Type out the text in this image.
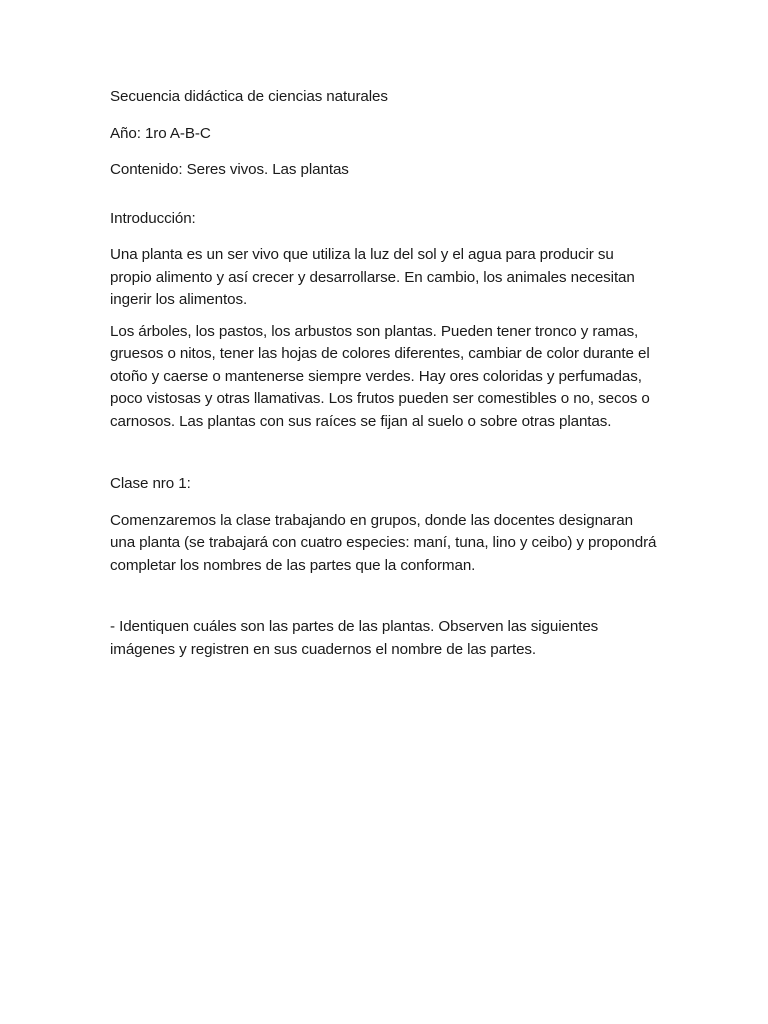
Secuencia didáctica de ciencias naturales

Año: 1ro A-B-C

Contenido: Seres vivos. Las plantas

Introducción:

Una planta es un ser vivo que utiliza la luz del sol y el agua para producir su propio alimento y así crecer y desarrollarse. En cambio, los animales necesitan ingerir los alimentos.

Los árboles, los pastos, los arbustos son plantas. Pueden tener tronco y ramas, gruesos o nitos, tener las hojas de colores diferentes, cambiar de color durante el otoño y caerse o mantenerse siempre verdes. Hay ores coloridas y perfumadas, poco vistosas y otras llamativas. Los frutos pueden ser comestibles o no, secos o carnosos. Las plantas con sus raíces se fijan al suelo o sobre otras plantas.

Clase nro 1:

Comenzaremos la clase trabajando en grupos, donde las docentes designaran una planta (se trabajará con cuatro especies: maní, tuna, lino y ceibo) y propondrá completar los nombres de las partes que la conforman.

- Identiquen cuáles son las partes de las plantas. Observen las siguientes imágenes y registren en sus cuadernos el nombre de las partes.
